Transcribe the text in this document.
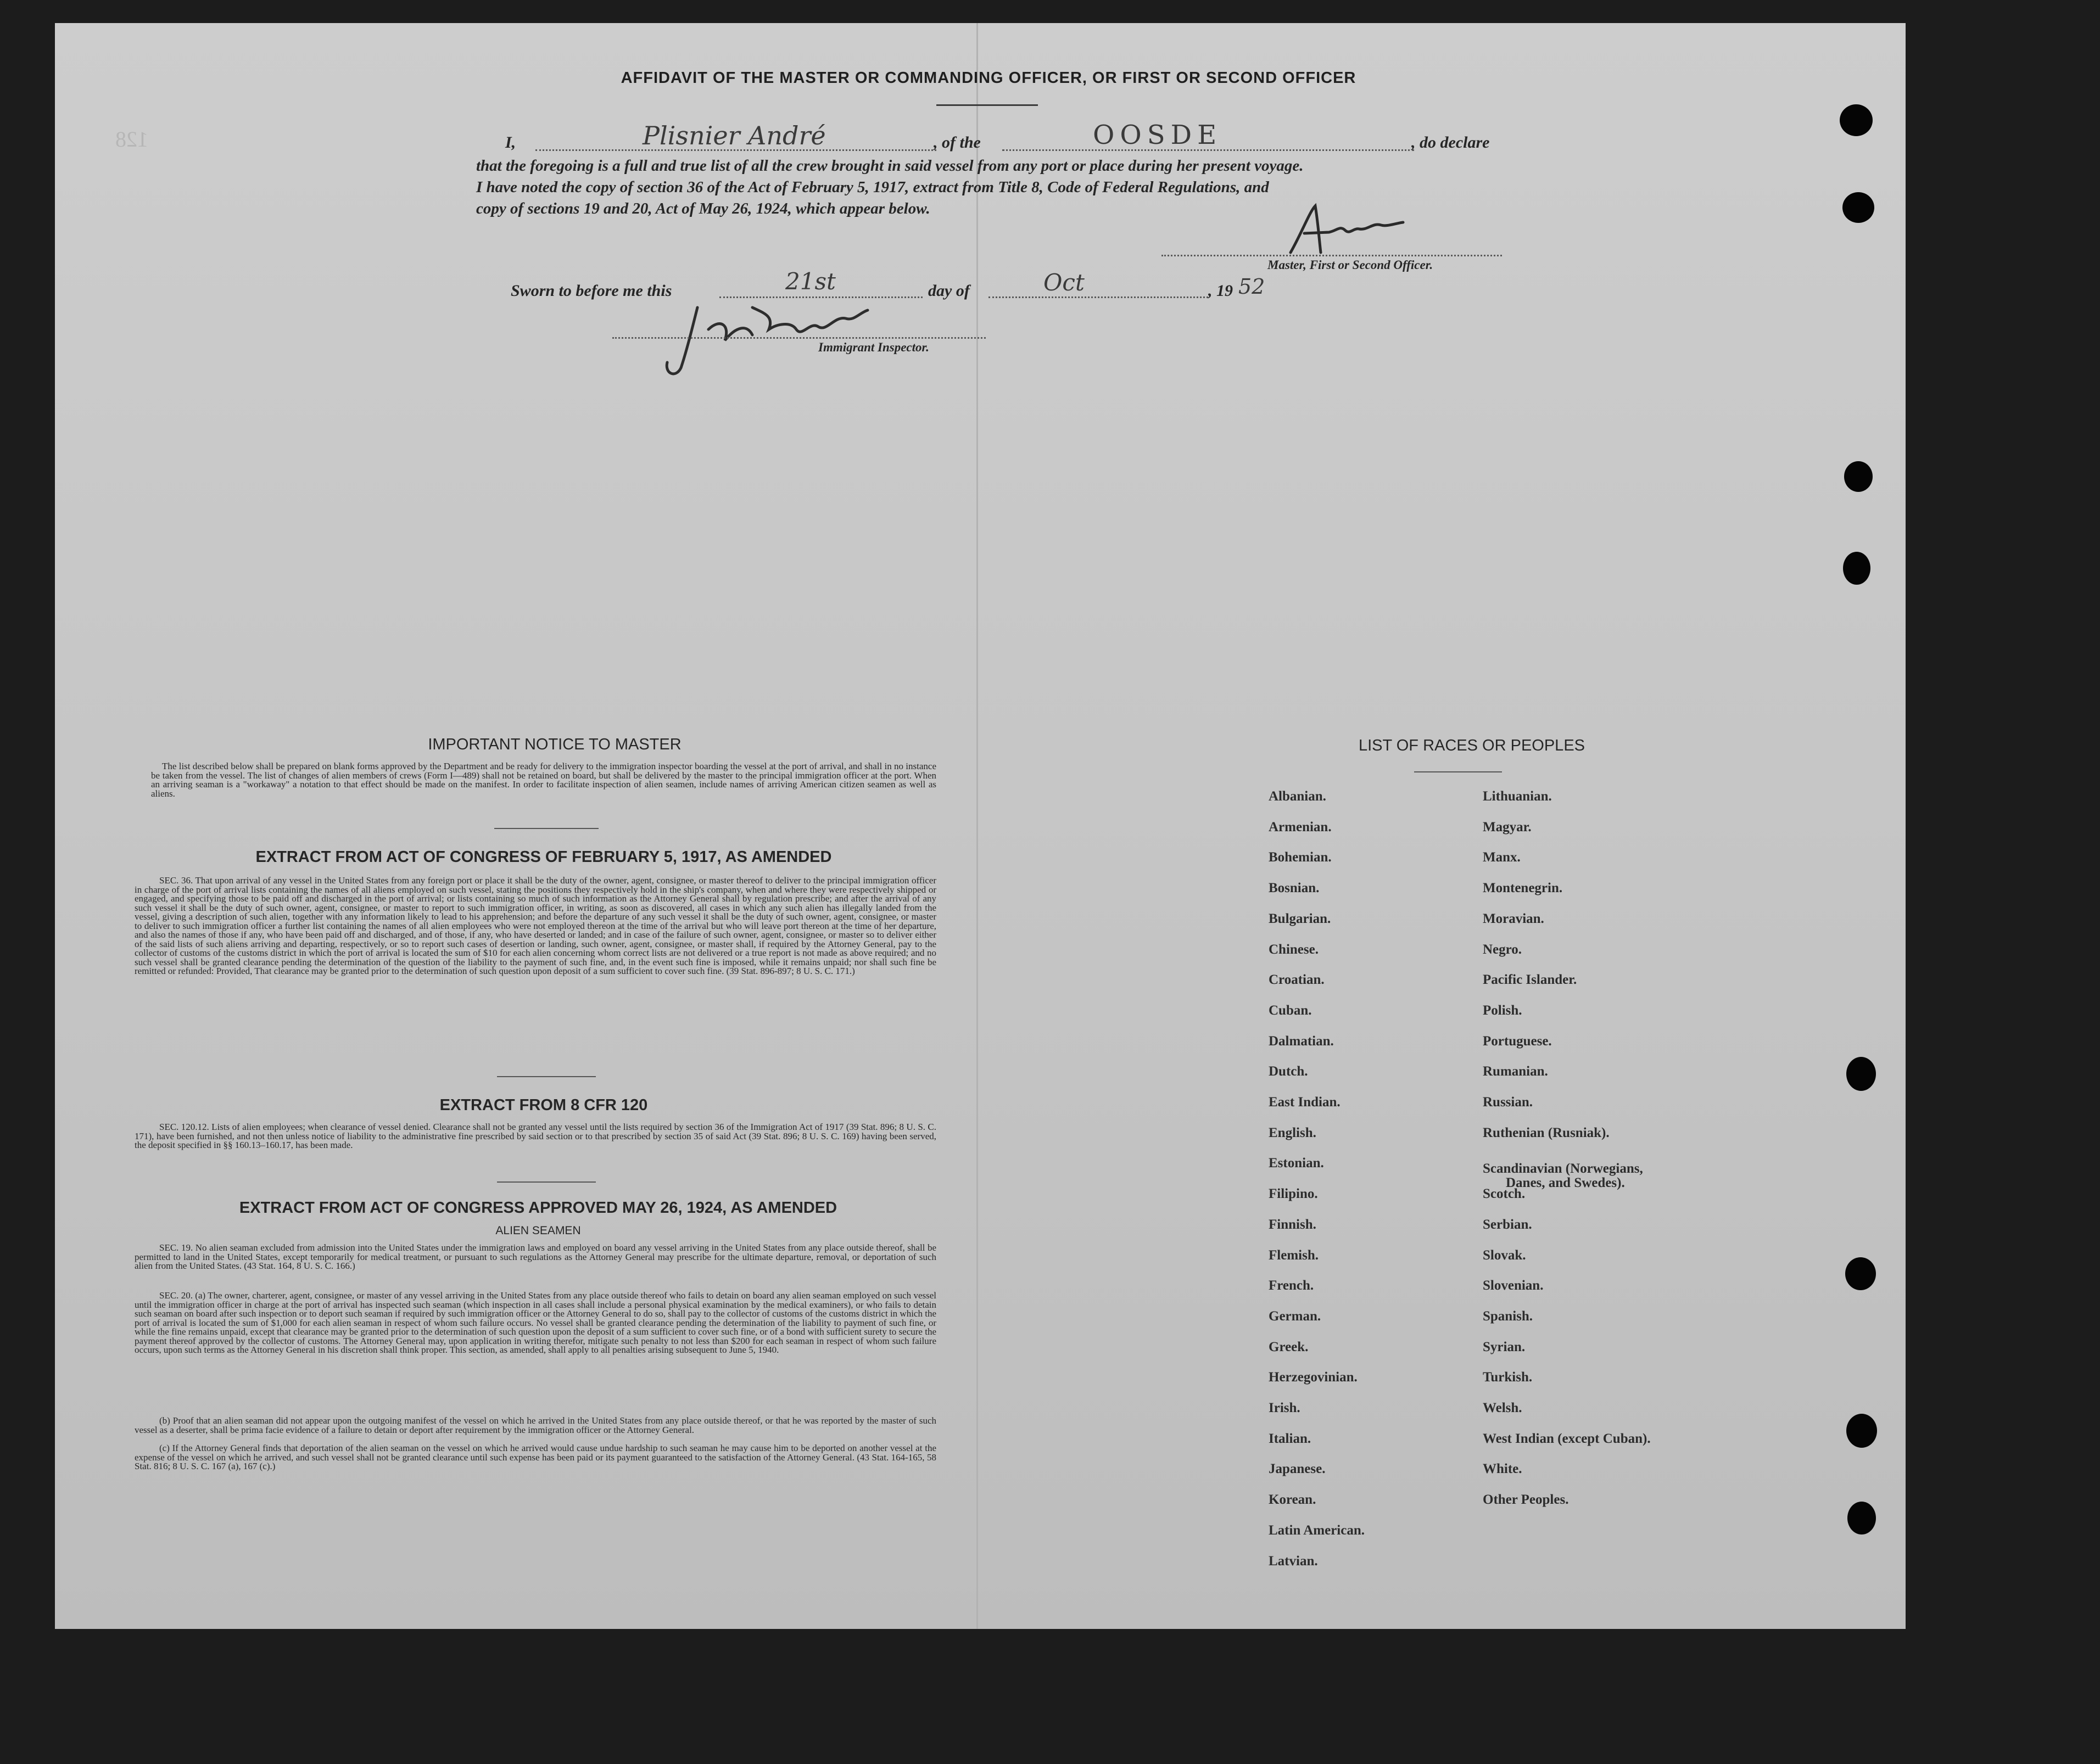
128
AFFIDAVIT OF THE MASTER OR COMMANDING OFFICER, OR FIRST OR SECOND OFFICER
I,	Plisnier André	, of the	OOSDE	, do declare
that the foregoing is a full and true list of all the crew brought in said vessel from any port or place during her present voyage.
I have noted the copy of section 36 of the Act of February 5, 1917, extract from Title 8, Code of Federal Regulations, and
copy of sections 19 and 20, Act of May 26, 1924, which appear below.
Master, First or Second Officer.
Sworn to before me this	21st	day of	Oct	, 19 52
Immigrant Inspector.
IMPORTANT NOTICE TO MASTER
The list described below shall be prepared on blank forms approved by the Department and be ready for delivery to the immigration inspector boarding the vessel at the port of arrival, and shall in no instance be taken from the vessel. The list of changes of alien members of crews (Form I—489) shall not be retained on board, but shall be delivered by the master to the principal immigration officer at the port. When an arriving seaman is a "workaway" a notation to that effect should be made on the manifest. In order to facilitate inspection of alien seamen, include names of arriving American citizen seamen as well as aliens.
EXTRACT FROM ACT OF CONGRESS OF FEBRUARY 5, 1917, AS AMENDED
SEC. 36. That upon arrival of any vessel in the United States from any foreign port or place it shall be the duty of the owner, agent, consignee, or master thereof to deliver to the principal immigration officer in charge of the port of arrival lists containing the names of all aliens employed on such vessel, stating the positions they respectively hold in the ship's company, when and where they were respectively shipped or engaged, and specifying those to be paid off and discharged in the port of arrival; or lists containing so much of such information as the Attorney General shall by regulation prescribe; and after the arrival of any such vessel it shall be the duty of such owner, agent, consignee, or master to report to such immigration officer, in writing, as soon as discovered, all cases in which any such alien has illegally landed from the vessel, giving a description of such alien, together with any information likely to lead to his apprehension; and before the departure of any such vessel it shall be the duty of such owner, agent, consignee, or master to deliver to such immigration officer a further list containing the names of all alien employees who were not employed thereon at the time of the arrival but who will leave port thereon at the time of her departure, and also the names of those if any, who have been paid off and discharged, and of those, if any, who have deserted or landed; and in case of the failure of such owner, agent, consignee, or master so to deliver either of the said lists of such aliens arriving and departing, respectively, or so to report such cases of desertion or landing, such owner, agent, consignee, or master shall, if required by the Attorney General, pay to the collector of customs of the customs district in which the port of arrival is located the sum of $10 for each alien concerning whom correct lists are not delivered or a true report is not made as above required; and no such vessel shall be granted clearance pending the determination of the question of the liability to the payment of such fine, and, in the event such fine is imposed, while it remains unpaid; nor shall such fine be remitted or refunded: Provided, That clearance may be granted prior to the determination of such question upon deposit of a sum sufficient to cover such fine. (39 Stat. 896-897; 8 U. S. C. 171.)
EXTRACT FROM 8 CFR 120
SEC. 120.12. Lists of alien employees; when clearance of vessel denied. Clearance shall not be granted any vessel until the lists required by section 36 of the Immigration Act of 1917 (39 Stat. 896; 8 U. S. C. 171), have been furnished, and not then unless notice of liability to the administrative fine prescribed by said section or to that prescribed by section 35 of said Act (39 Stat. 896; 8 U. S. C. 169) having been served, the deposit specified in §§ 160.13–160.17, has been made.
EXTRACT FROM ACT OF CONGRESS APPROVED MAY 26, 1924, AS AMENDED
ALIEN SEAMEN
SEC. 19. No alien seaman excluded from admission into the United States under the immigration laws and employed on board any vessel arriving in the United States from any place outside thereof, shall be permitted to land in the United States, except temporarily for medical treatment, or pursuant to such regulations as the Attorney General may prescribe for the ultimate departure, removal, or deportation of such alien from the United States. (43 Stat. 164, 8 U. S. C. 166.)
SEC. 20. (a) The owner, charterer, agent, consignee, or master of any vessel arriving in the United States from any place outside thereof who fails to detain on board any alien seaman employed on such vessel until the immigration officer in charge at the port of arrival has inspected such seaman (which inspection in all cases shall include a personal physical examination by the medical examiners), or who fails to detain such seaman on board after such inspection or to deport such seaman if required by such immigration officer or the Attorney General to do so, shall pay to the collector of customs of the customs district in which the port of arrival is located the sum of $1,000 for each alien seaman in respect of whom such failure occurs. No vessel shall be granted clearance pending the determination of the liability to payment of such fine, or while the fine remains unpaid, except that clearance may be granted prior to the determination of such question upon the deposit of a sum sufficient to cover such fine, or of a bond with sufficient surety to secure the payment thereof approved by the collector of customs. The Attorney General may, upon application in writing therefor, mitigate such penalty to not less than $200 for each seaman in respect of whom such failure occurs, upon such terms as the Attorney General in his discretion shall think proper. This section, as amended, shall apply to all penalties arising subsequent to June 5, 1940.
(b) Proof that an alien seaman did not appear upon the outgoing manifest of the vessel on which he arrived in the United States from any place outside thereof, or that he was reported by the master of such vessel as a deserter, shall be prima facie evidence of a failure to detain or deport after requirement by the immigration officer or the Attorney General.
(c) If the Attorney General finds that deportation of the alien seaman on the vessel on which he arrived would cause undue hardship to such seaman he may cause him to be deported on another vessel at the expense of the vessel on which he arrived, and such vessel shall not be granted clearance until such expense has been paid or its payment guaranteed to the satisfaction of the Attorney General. (43 Stat. 164-165, 58 Stat. 816; 8 U. S. C. 167 (a), 167 (c).)
LIST OF RACES OR PEOPLES
Albanian.
Armenian.
Bohemian.
Bosnian.
Bulgarian.
Chinese.
Croatian.
Cuban.
Dalmatian.
Dutch.
East Indian.
English.
Estonian.
Filipino.
Finnish.
Flemish.
French.
German.
Greek.
Herzegovinian.
Irish.
Italian.
Japanese.
Korean.
Latin American.
Latvian.
Lithuanian.
Magyar.
Manx.
Montenegrin.
Moravian.
Negro.
Pacific Islander.
Polish.
Portuguese.
Rumanian.
Russian.
Ruthenian (Rusniak).
Scandinavian (Norwegians,
Danes, and Swedes).
Scotch.
Serbian.
Slovak.
Slovenian.
Spanish.
Syrian.
Turkish.
Welsh.
West Indian (except Cuban).
White.
Other Peoples.
